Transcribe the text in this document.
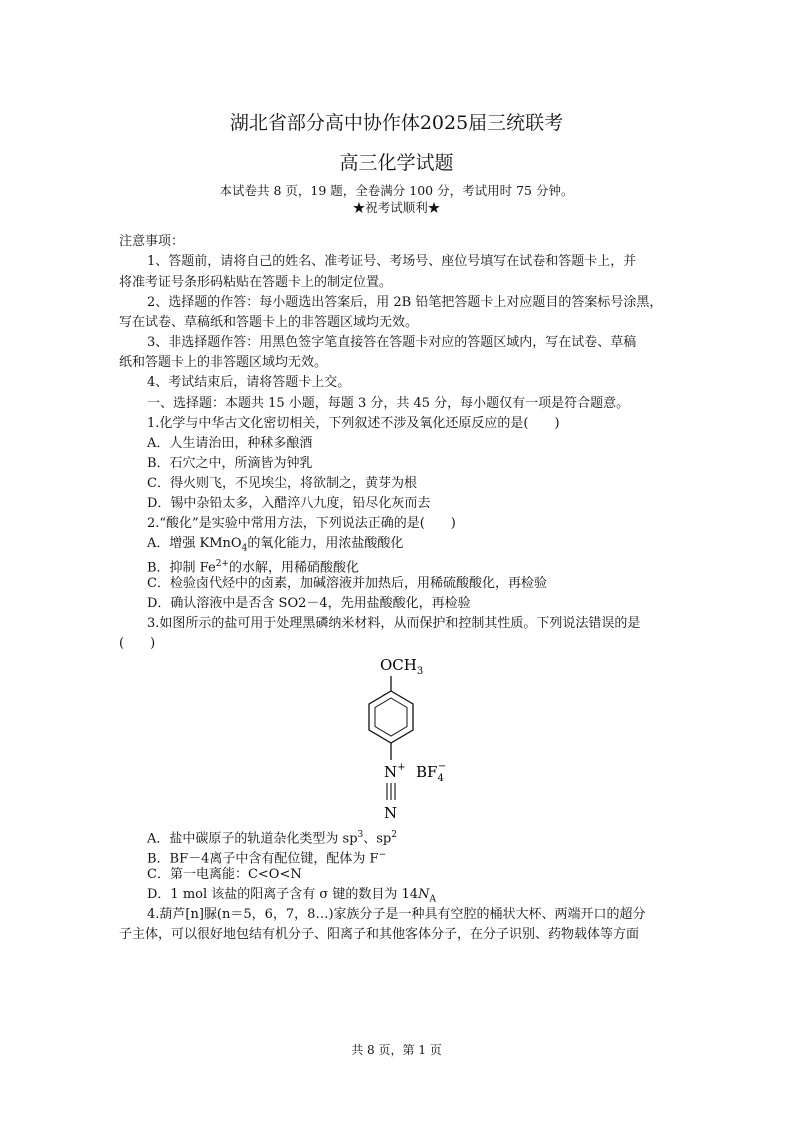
湖北省部分高中协作体2025届三统联考
高三化学试题
本试卷共 8 页，19 题，全卷满分 100 分，考试用时 75 分钟。
★祝考试顺利★
注意事项：
1、答题前，请将自己的姓名、准考证号、考场号、座位号填写在试卷和答题卡上，并
将准考证号条形码粘贴在答题卡上的制定位置。
2、选择题的作答：每小题选出答案后，用 2B 铅笔把答题卡上对应题目的答案标号涂黑，
写在试卷、草稿纸和答题卡上的非答题区域均无效。
3、非选择题作答：用黑色签字笔直接答在答题卡对应的答题区域内，写在试卷、草稿
纸和答题卡上的非答题区域均无效。
4、考试结束后，请将答题卡上交。
一、选择题：本题共 15 小题，每题 3 分，共 45 分，每小题仅有一项是符合题意。
1.化学与中华古文化密切相关，下列叙述不涉及氧化还原反应的是(　　)
A．人生请治田，种秫多酿酒
B．石穴之中，所滴皆为钟乳
C．得火则飞，不见埃尘，将欲制之，黄芽为根
D．锡中杂铅太多，入醋淬八九度，铅尽化灰而去
2.“酸化”是实验中常用方法，下列说法正确的是(　　)
A．增强 KMnO$_4$的氧化能力，用浓盐酸酸化
B．抑制 $Fe^{2+}$的水解，用稀硝酸酸化
C．检验卤代烃中的卤素，加碱溶液并加热后，用稀硫酸酸化，再检验
D．确认溶液中是否含 SO2－4，先用盐酸酸化，再检验
3.如图所示的盐可用于处理黑磷纳米材料，从而保护和控制其性质。下列说法错误的是
(　　)
$OCH_3$
N+ $BF_4-$
N
A．盐中碳原子的轨道杂化类型为 $sp^3$、$sp^2$
B．BF－4离子中含有配位键，配体为 F−
C．第一电离能：C<O<N
D．1 mol 该盐的阳离子含有 σ 键的数目为 $14N_A$
4.葫芦[n]脲(n＝5，6，7，8…)家族分子是一种具有空腔的桶状大杯、两端开口的超分
子主体，可以很好地包结有机分子、阳离子和其他客体分子，在分子识别、药物载体等方面
共 8 页，第 1 页
